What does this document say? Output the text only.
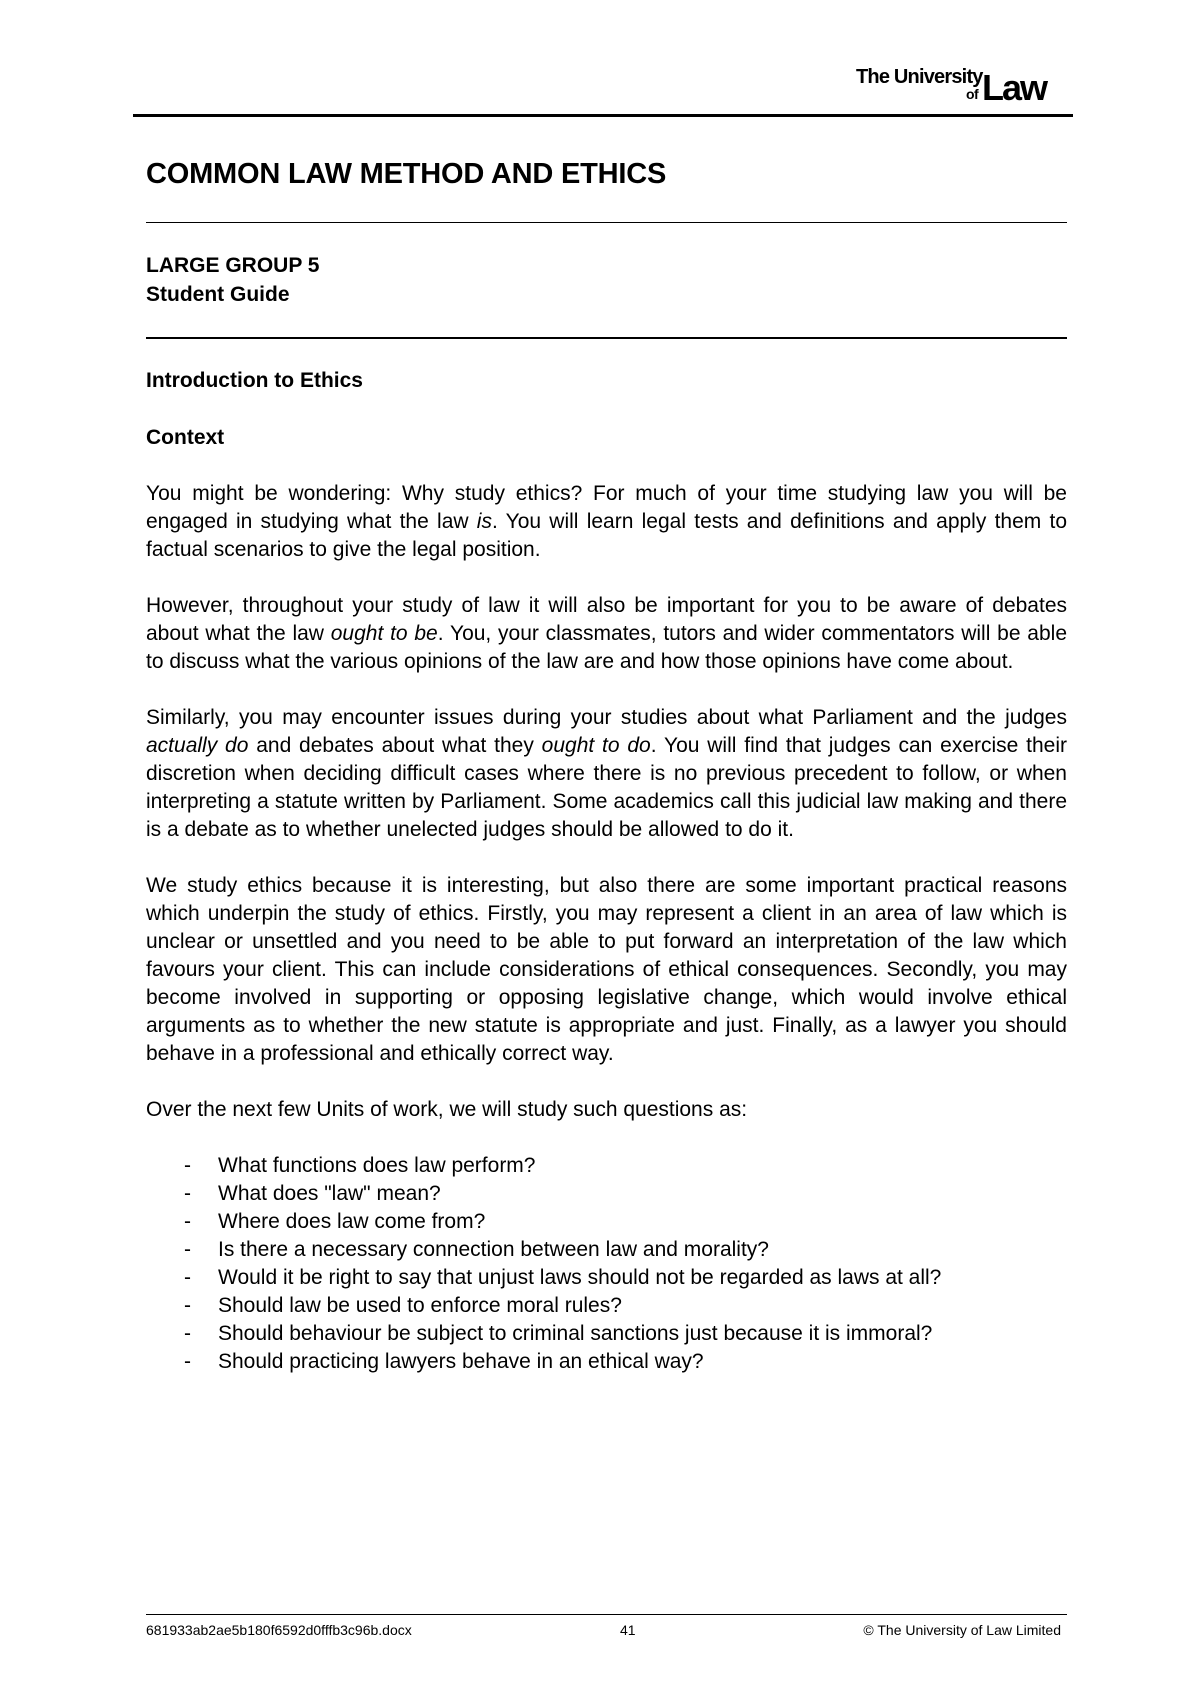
The University
of Law
COMMON LAW METHOD AND ETHICS
LARGE GROUP 5
Student Guide
Introduction to Ethics
Context

You might be wondering: Why study ethics? For much of your time studying law you will be engaged in studying what the law is. You will learn legal tests and definitions and apply them to factual scenarios to give the legal position.

However, throughout your study of law it will also be important for you to be aware of debates about what the law ought to be. You, your classmates, tutors and wider commentators will be able to discuss what the various opinions of the law are and how those opinions have come about.

Similarly, you may encounter issues during your studies about what Parliament and the judges actually do and debates about what they ought to do. You will find that judges can exercise their discretion when deciding difficult cases where there is no previous precedent to follow, or when interpreting a statute written by Parliament. Some academics call this judicial law making and there is a debate as to whether unelected judges should be allowed to do it.

We study ethics because it is interesting, but also there are some important practical reasons which underpin the study of ethics. Firstly, you may represent a client in an area of law which is unclear or unsettled and you need to be able to put forward an interpretation of the law which favours your client. This can include considerations of ethical consequences. Secondly, you may become involved in supporting or opposing legislative change, which would involve ethical arguments as to whether the new statute is appropriate and just. Finally, as a lawyer you should behave in a professional and ethically correct way.

Over the next few Units of work, we will study such questions as:

- What functions does law perform?
- What does "law" mean?
- Where does law come from?
- Is there a necessary connection between law and morality?
- Would it be right to say that unjust laws should not be regarded as laws at all?
- Should law be used to enforce moral rules?
- Should behaviour be subject to criminal sanctions just because it is immoral?
- Should practicing lawyers behave in an ethical way?
681933ab2ae5b180f6592d0fffb3c96b.docx	41	© The University of Law Limited
